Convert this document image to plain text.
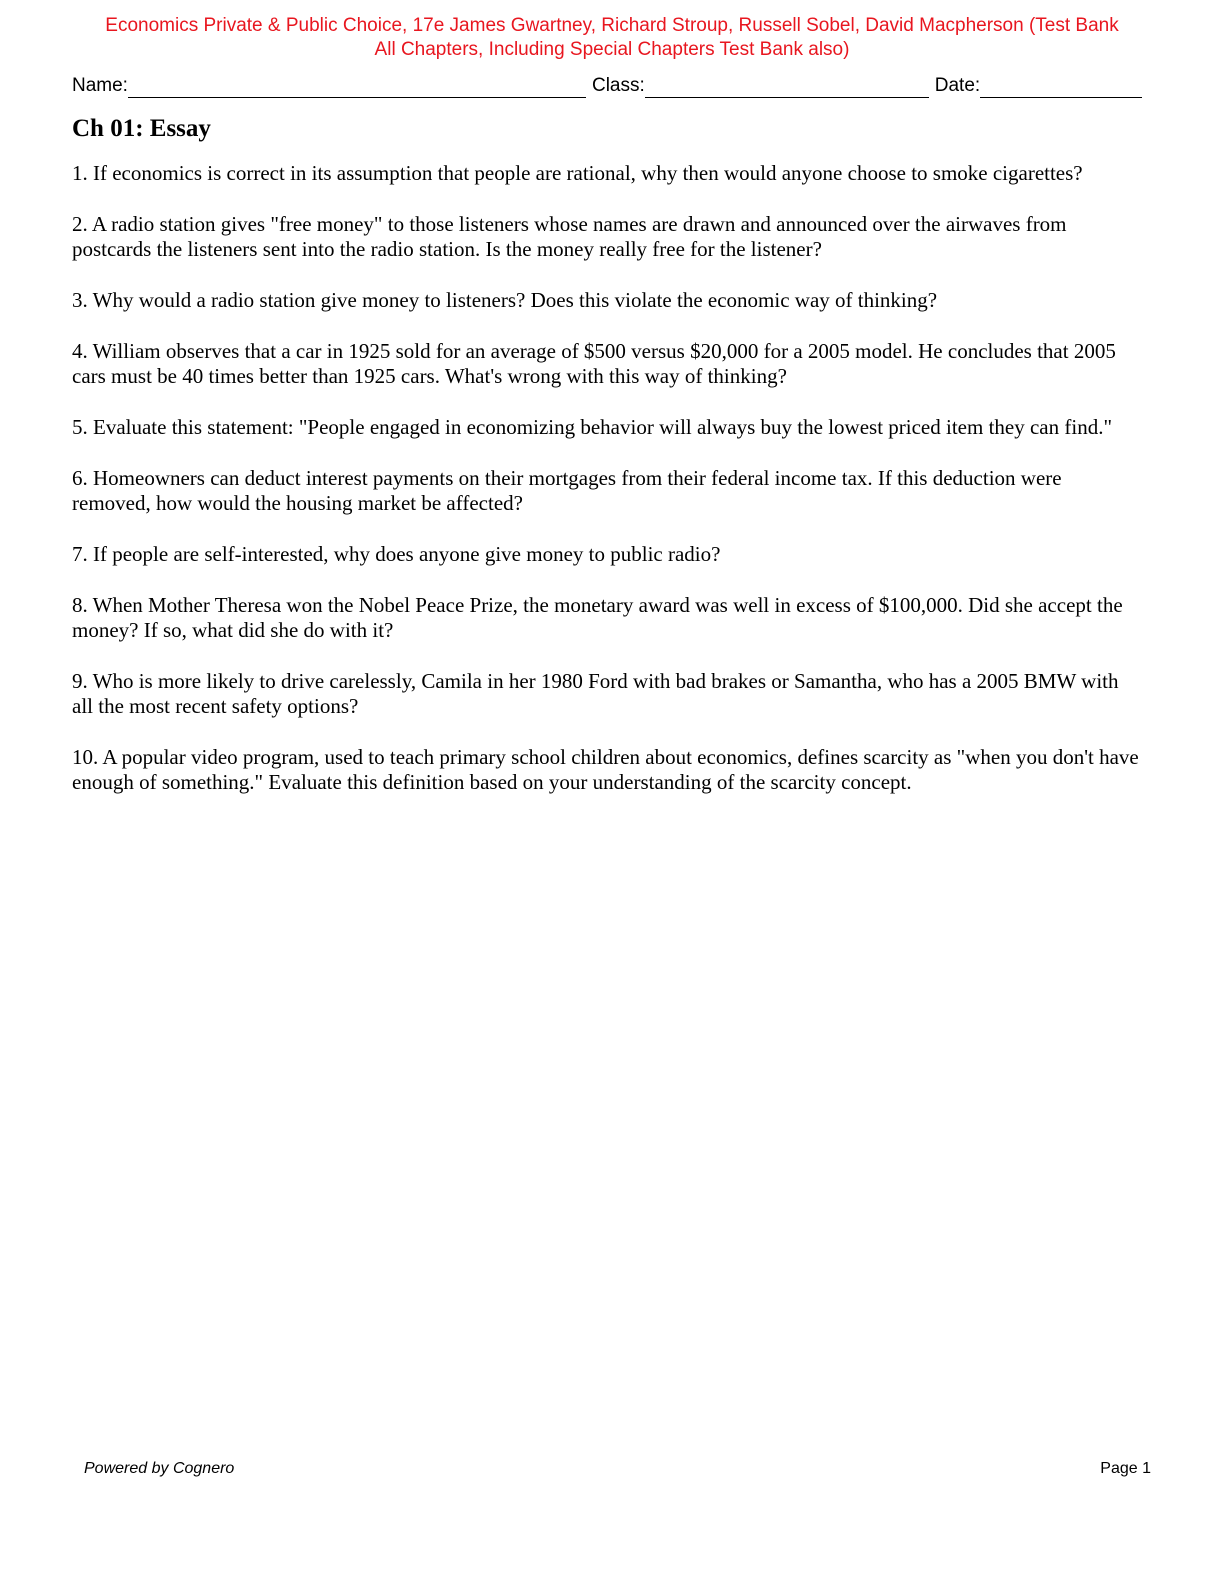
Economics Private & Public Choice, 17e James Gwartney, Richard Stroup, Russell Sobel, David Macpherson (Test Bank
All Chapters, Including Special Chapters Test Bank also)
Name:	Class:	Date:
Ch 01: Essay
1. If economics is correct in its assumption that people are rational, why then would anyone choose to smoke cigarettes?
2. A radio station gives "free money" to those listeners whose names are drawn and announced over the airwaves from postcards the listeners sent into the radio station. Is the money really free for the listener?
3. Why would a radio station give money to listeners? Does this violate the economic way of thinking?
4. William observes that a car in 1925 sold for an average of $500 versus $20,000 for a 2005 model. He concludes that 2005 cars must be 40 times better than 1925 cars. What's wrong with this way of thinking?
5. Evaluate this statement: "People engaged in economizing behavior will always buy the lowest priced item they can find."
6. Homeowners can deduct interest payments on their mortgages from their federal income tax. If this deduction were removed, how would the housing market be affected?
7. If people are self-interested, why does anyone give money to public radio?
8. When Mother Theresa won the Nobel Peace Prize, the monetary award was well in excess of $100,000. Did she accept the money? If so, what did she do with it?
9. Who is more likely to drive carelessly, Camila in her 1980 Ford with bad brakes or Samantha, who has a 2005 BMW with all the most recent safety options?
10. A popular video program, used to teach primary school children about economics, defines scarcity as "when you don't have enough of something." Evaluate this definition based on your understanding of the scarcity concept.
Powered by Cognero	Page 1
